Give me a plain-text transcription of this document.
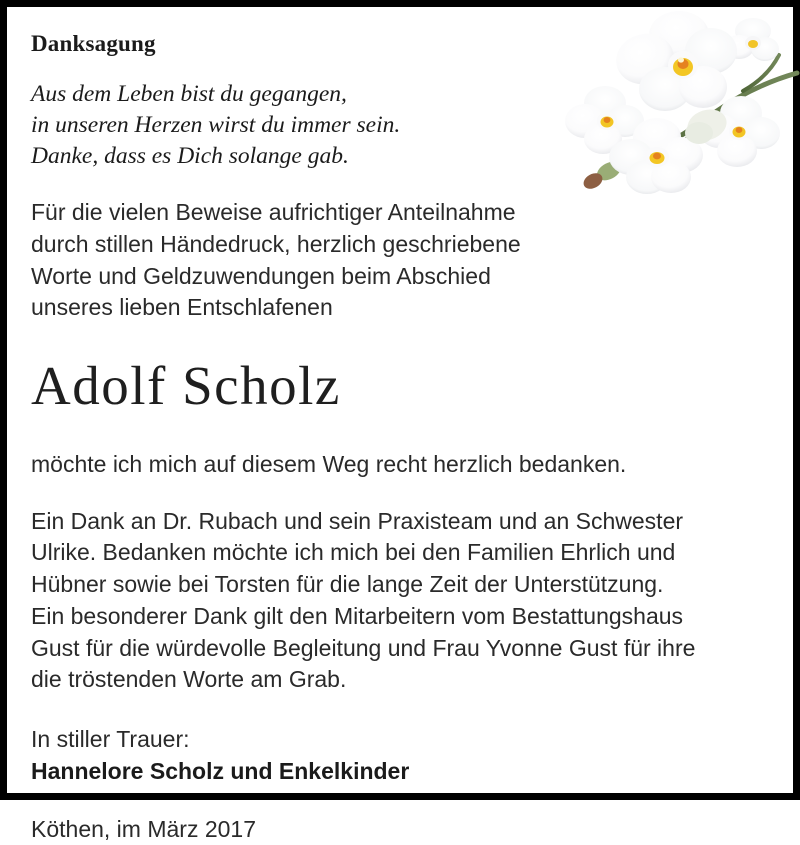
Danksagung
Aus dem Leben bist du gegangen,
in unseren Herzen wirst du immer sein.
Danke, dass es Dich solange gab.
Für die vielen Beweise aufrichtiger Anteilnahme
durch stillen Händedruck, herzlich geschriebene
Worte und Geldzuwendungen beim Abschied
unseres lieben Entschlafenen
Adolf Scholz
möchte ich mich auf diesem Weg recht herzlich bedanken.
Ein Dank an Dr. Rubach und sein Praxisteam und an Schwester
Ulrike. Bedanken möchte ich mich bei den Familien Ehrlich und
Hübner sowie bei Torsten für die lange Zeit der Unterstützung.
Ein besonderer Dank gilt den Mitarbeitern vom Bestattungshaus
Gust für die würdevolle Begleitung und Frau Yvonne Gust für ihre
die tröstenden Worte am Grab.
In stiller Trauer:
Hannelore Scholz und Enkelkinder
Köthen, im März 2017
